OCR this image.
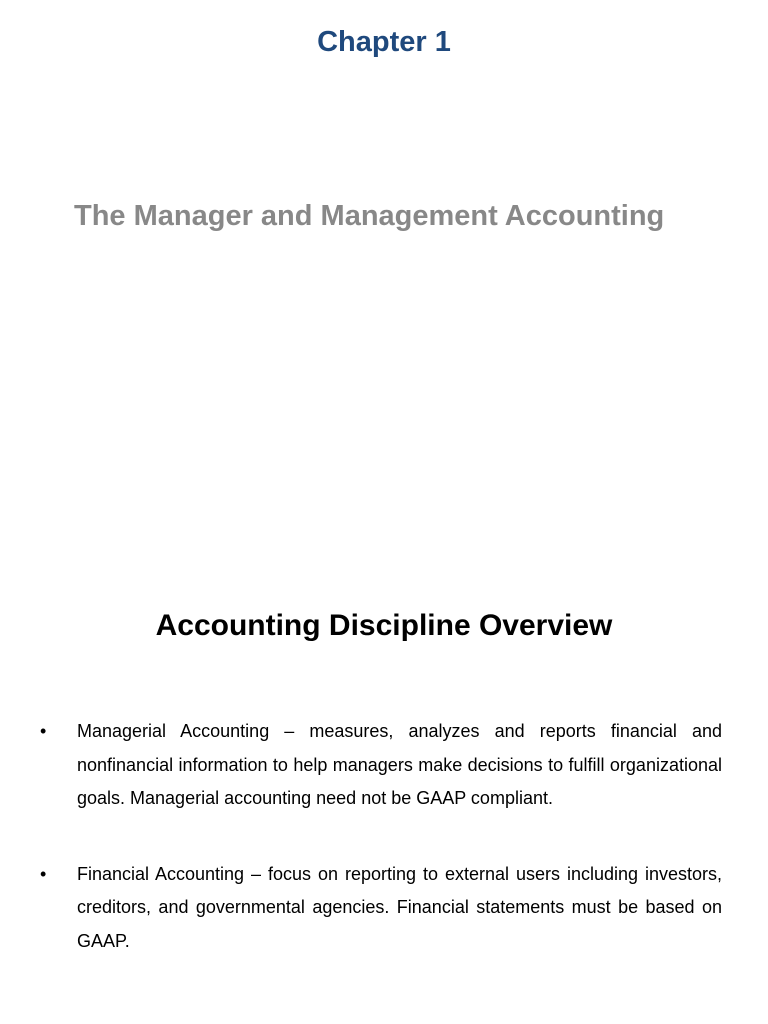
Chapter 1
The Manager and Management Accounting
Accounting Discipline Overview
•	Managerial Accounting – measures, analyzes and reports financial and nonfinancial information to help managers make decisions to fulfill organizational goals. Managerial accounting need not be GAAP compliant.
•	Financial Accounting – focus on reporting to external users including investors, creditors, and governmental agencies. Financial statements must be based on GAAP.
